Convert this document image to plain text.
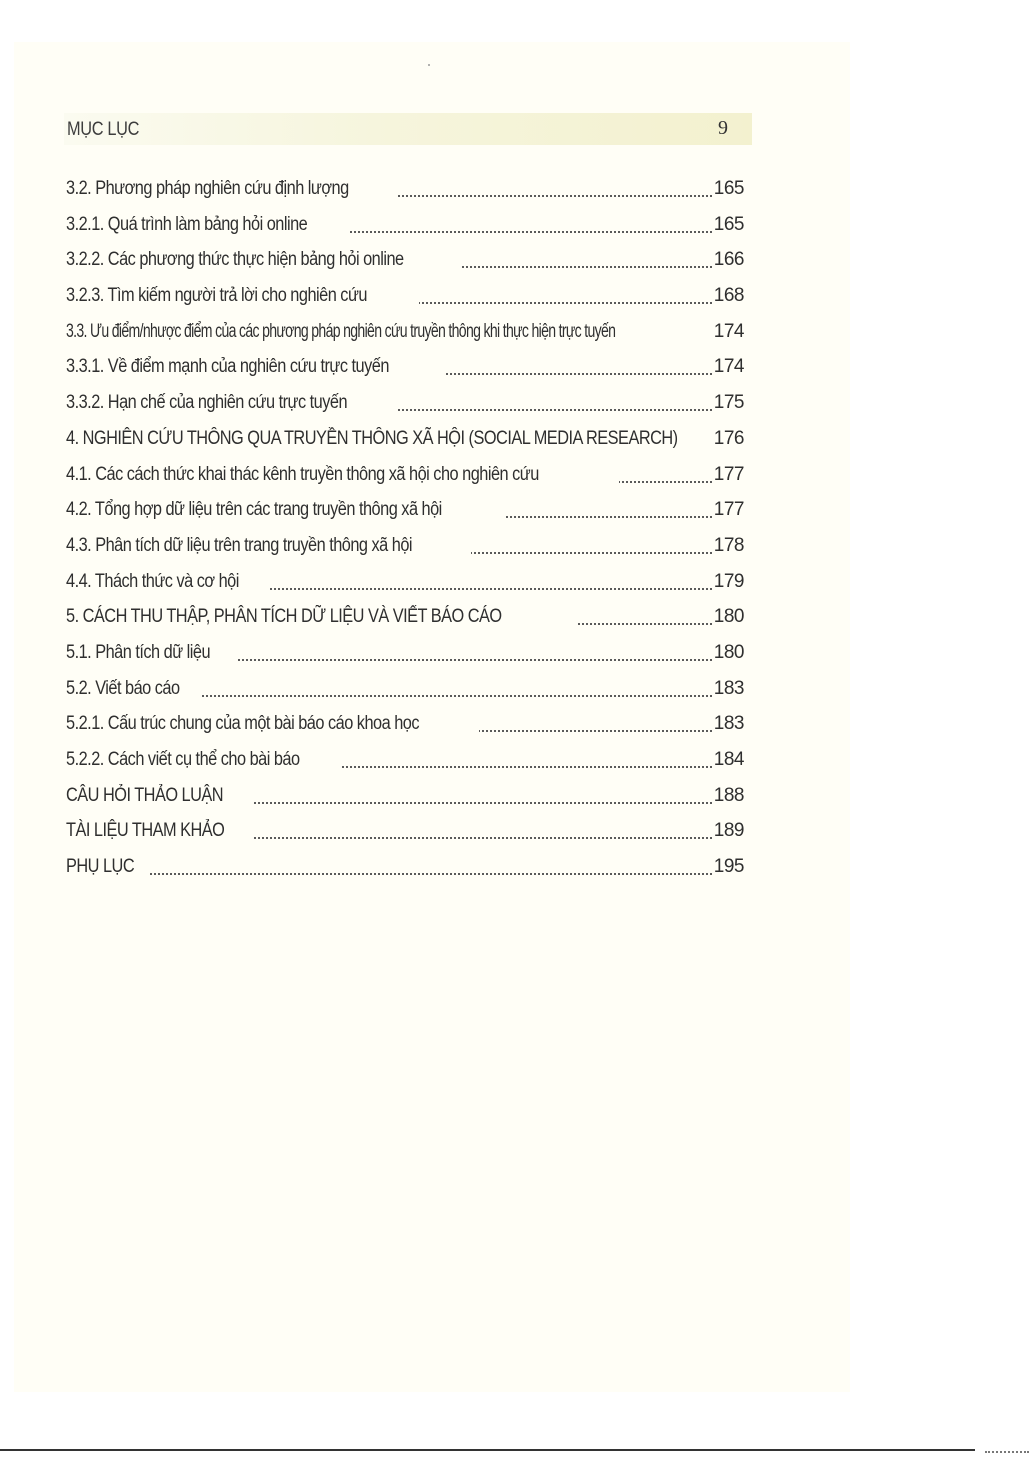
MỤC LỤC	9
3.2. Phương pháp nghiên cứu định lượng	165
3.2.1. Quá trình làm bảng hỏi online	165
3.2.2. Các phương thức thực hiện bảng hỏi online	166
3.2.3. Tìm kiếm người trả lời cho nghiên cứu	168
3.3. Ưu điểm/nhược điểm của các phương pháp nghiên cứu truyền thông khi thực hiện trực tuyến	174
3.3.1. Về điểm mạnh của nghiên cứu trực tuyến	174
3.3.2. Hạn chế của nghiên cứu trực tuyến	175
4. NGHIÊN CỨU THÔNG QUA TRUYỀN THÔNG XÃ HỘI (SOCIAL MEDIA RESEARCH)	176
4.1. Các cách thức khai thác kênh truyền thông xã hội cho nghiên cứu	177
4.2. Tổng hợp dữ liệu trên các trang truyền thông xã hội	177
4.3. Phân tích dữ liệu trên trang truyền thông xã hội	178
4.4. Thách thức và cơ hội	179
5. CÁCH THU THẬP, PHÂN TÍCH DỮ LIỆU VÀ VIẾT BÁO CÁO	180
5.1. Phân tích dữ liệu	180
5.2. Viết báo cáo	183
5.2.1. Cấu trúc chung của một bài báo cáo khoa học	183
5.2.2. Cách viết cụ thể cho bài báo	184
CÂU HỎI THẢO LUẬN	188
TÀI LIỆU THAM KHẢO	189
PHỤ LỤC	195
